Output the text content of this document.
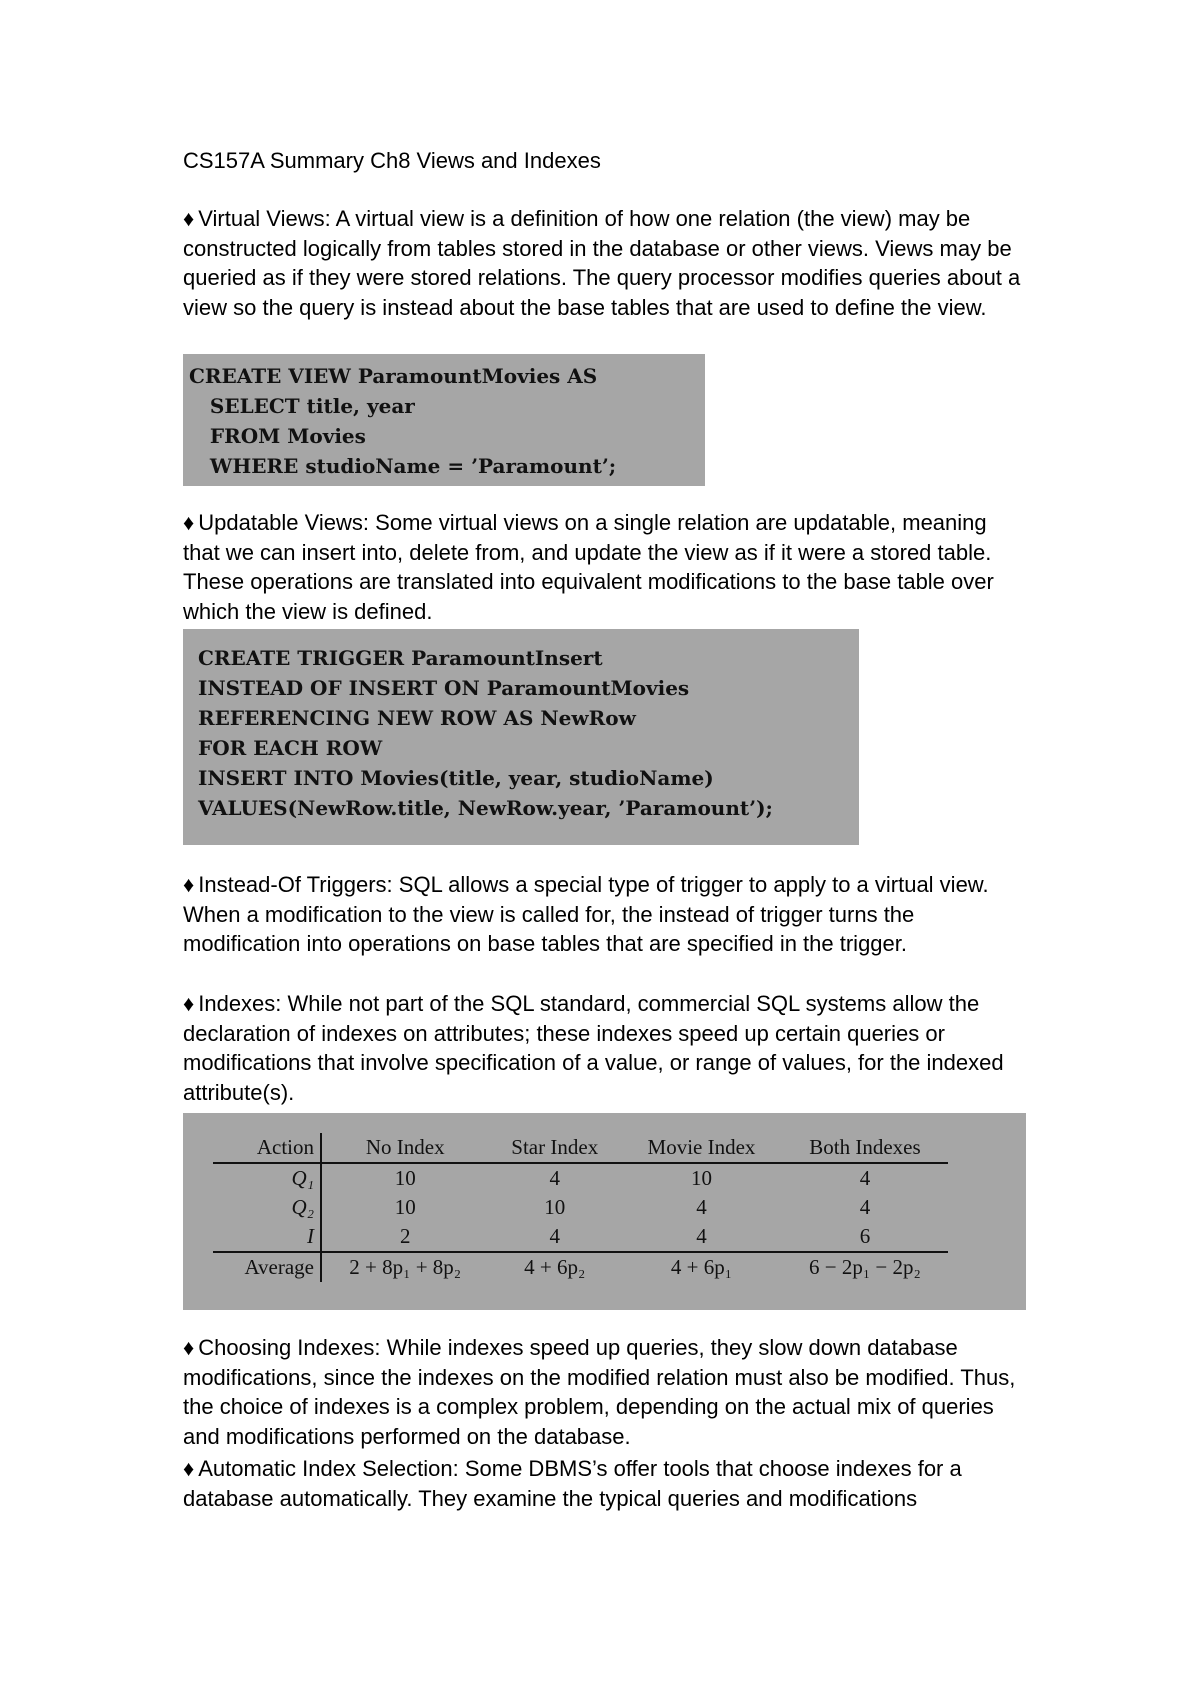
CS157A Summary Ch8 Views and Indexes
♦ Virtual Views: A virtual view is a definition of how one relation (the view) may be constructed logically from tables stored in the database or other views. Views may be queried as if they were stored relations. The query processor modifies queries about a view so the query is instead about the base tables that are used to define the view.
CREATE VIEW ParamountMovies AS
SELECT title, year
FROM Movies
WHERE studioName = ’Paramount’;
♦ Updatable Views: Some virtual views on a single relation are updatable, meaning that we can insert into, delete from, and update the view as if it were a stored table. These operations are translated into equivalent modifications to the base table over which the view is defined.
CREATE TRIGGER ParamountInsert
INSTEAD OF INSERT ON ParamountMovies
REFERENCING NEW ROW AS NewRow
FOR EACH ROW
INSERT INTO Movies(title, year, studioName)
VALUES(NewRow.title, NewRow.year, ’Paramount’);
♦ Instead-Of Triggers: SQL allows a special type of trigger to apply to a virtual view. When a modification to the view is called for, the instead of trigger turns the modification into operations on base tables that are specified in the trigger.
♦ Indexes: While not part of the SQL standard, commercial SQL systems allow the declaration of indexes on attributes; these indexes speed up certain queries or modifications that involve specification of a value, or range of values, for the indexed attribute(s).
Action	No Index	Star Index	Movie Index	Both Indexes
Q₁	10	4	10	4
Q₂	10	10	4	4
I	2	4	4	6
Average	2 + 8p₁ + 8p₂	4 + 6p₂	4 + 6p₁	6 − 2p₁ − 2p₂
♦ Choosing Indexes: While indexes speed up queries, they slow down database modifications, since the indexes on the modified relation must also be modified. Thus, the choice of indexes is a complex problem, depending on the actual mix of queries and modifications performed on the database.
♦ Automatic Index Selection: Some DBMS’s offer tools that choose indexes for a database automatically. They examine the typical queries and modifications
